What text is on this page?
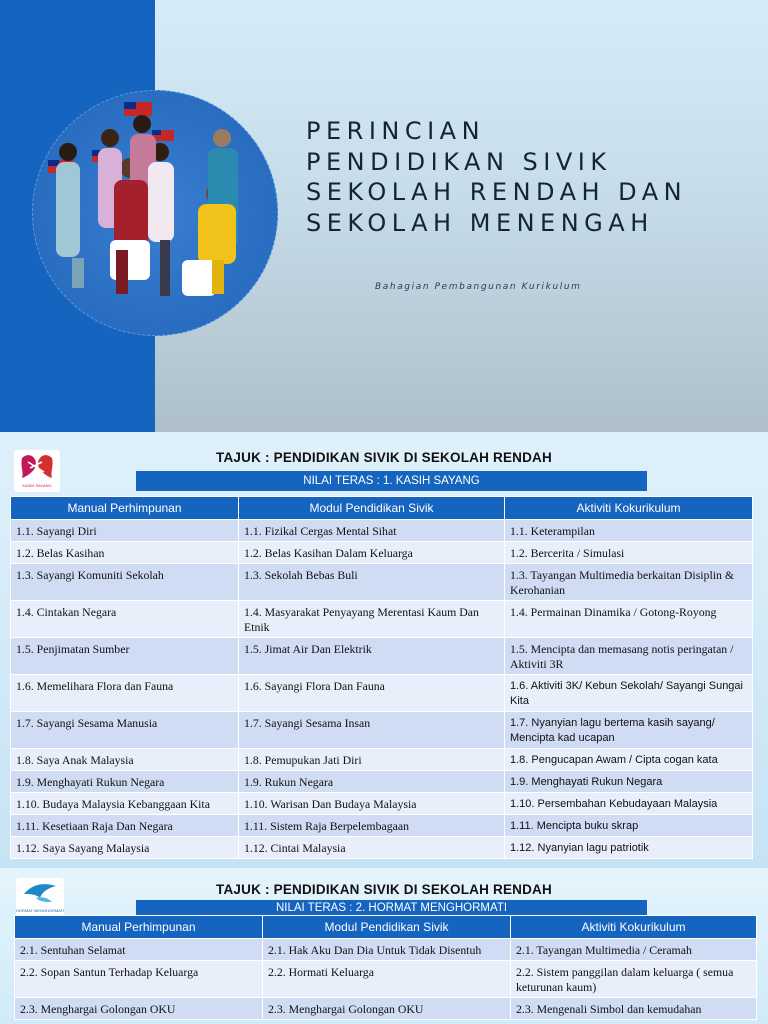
PERINCIAN
PENDIDIKAN SIVIK
SEKOLAH RENDAH DAN
SEKOLAH MENENGAH
Bahagian Pembangunan Kurikulum
KASIH SAYANG
TAJUK : PENDIDIKAN SIVIK DI SEKOLAH RENDAH
NILAI TERAS : 1. KASIH SAYANG
Manual Perhimpunan	Modul Pendidikan Sivik	Aktiviti Kokurikulum
1.1. Sayangi Diri	1.1. Fizikal Cergas Mental Sihat	1.1. Keterampilan
1.2. Belas Kasihan	1.2. Belas Kasihan Dalam Keluarga	1.2. Bercerita / Simulasi
1.3. Sayangi Komuniti Sekolah	1.3. Sekolah Bebas Buli	1.3. Tayangan Multimedia berkaitan Disiplin & Kerohanian
1.4. Cintakan Negara	1.4. Masyarakat Penyayang Merentasi Kaum Dan Etnik	1.4. Permainan Dinamika / Gotong-Royong
1.5. Penjimatan Sumber	1.5. Jimat Air Dan Elektrik	1.5. Mencipta dan memasang notis peringatan / Aktiviti 3R
1.6. Memelihara Flora dan Fauna	1.6. Sayangi Flora Dan Fauna	1.6. Aktiviti 3K/ Kebun Sekolah/ Sayangi Sungai Kita
1.7. Sayangi Sesama Manusia	1.7. Sayangi Sesama Insan	1.7. Nyanyian lagu bertema kasih sayang/ Mencipta kad ucapan
1.8. Saya Anak Malaysia	1.8. Pemupukan Jati Diri	1.8. Pengucapan Awam / Cipta cogan kata
1.9. Menghayati Rukun Negara	1.9. Rukun Negara	1.9. Menghayati Rukun Negara
1.10. Budaya Malaysia Kebanggaan Kita	1.10. Warisan Dan Budaya Malaysia	1.10. Persembahan Kebudayaan Malaysia
1.11. Kesetiaan Raja Dan Negara	1.11. Sistem Raja Berpelembagaan	1.11. Mencipta buku skrap
1.12. Saya Sayang Malaysia	1.12. Cintai Malaysia	1.12. Nyanyian lagu patriotik
HORMAT MENGHORMATI
TAJUK : PENDIDIKAN SIVIK DI SEKOLAH RENDAH
NILAI TERAS : 2. HORMAT MENGHORMATI
Manual Perhimpunan	Modul Pendidikan Sivik	Aktiviti Kokurikulum
2.1. Sentuhan Selamat	2.1. Hak Aku Dan Dia Untuk Tidak Disentuh	2.1. Tayangan Multimedia / Ceramah
2.2. Sopan Santun Terhadap Keluarga	2.2. Hormati Keluarga	2.2. Sistem panggilan dalam keluarga ( semua keturunan kaum)
2.3. Menghargai Golongan OKU	2.3. Menghargai Golongan OKU	2.3. Mengenali Simbol dan kemudahan
